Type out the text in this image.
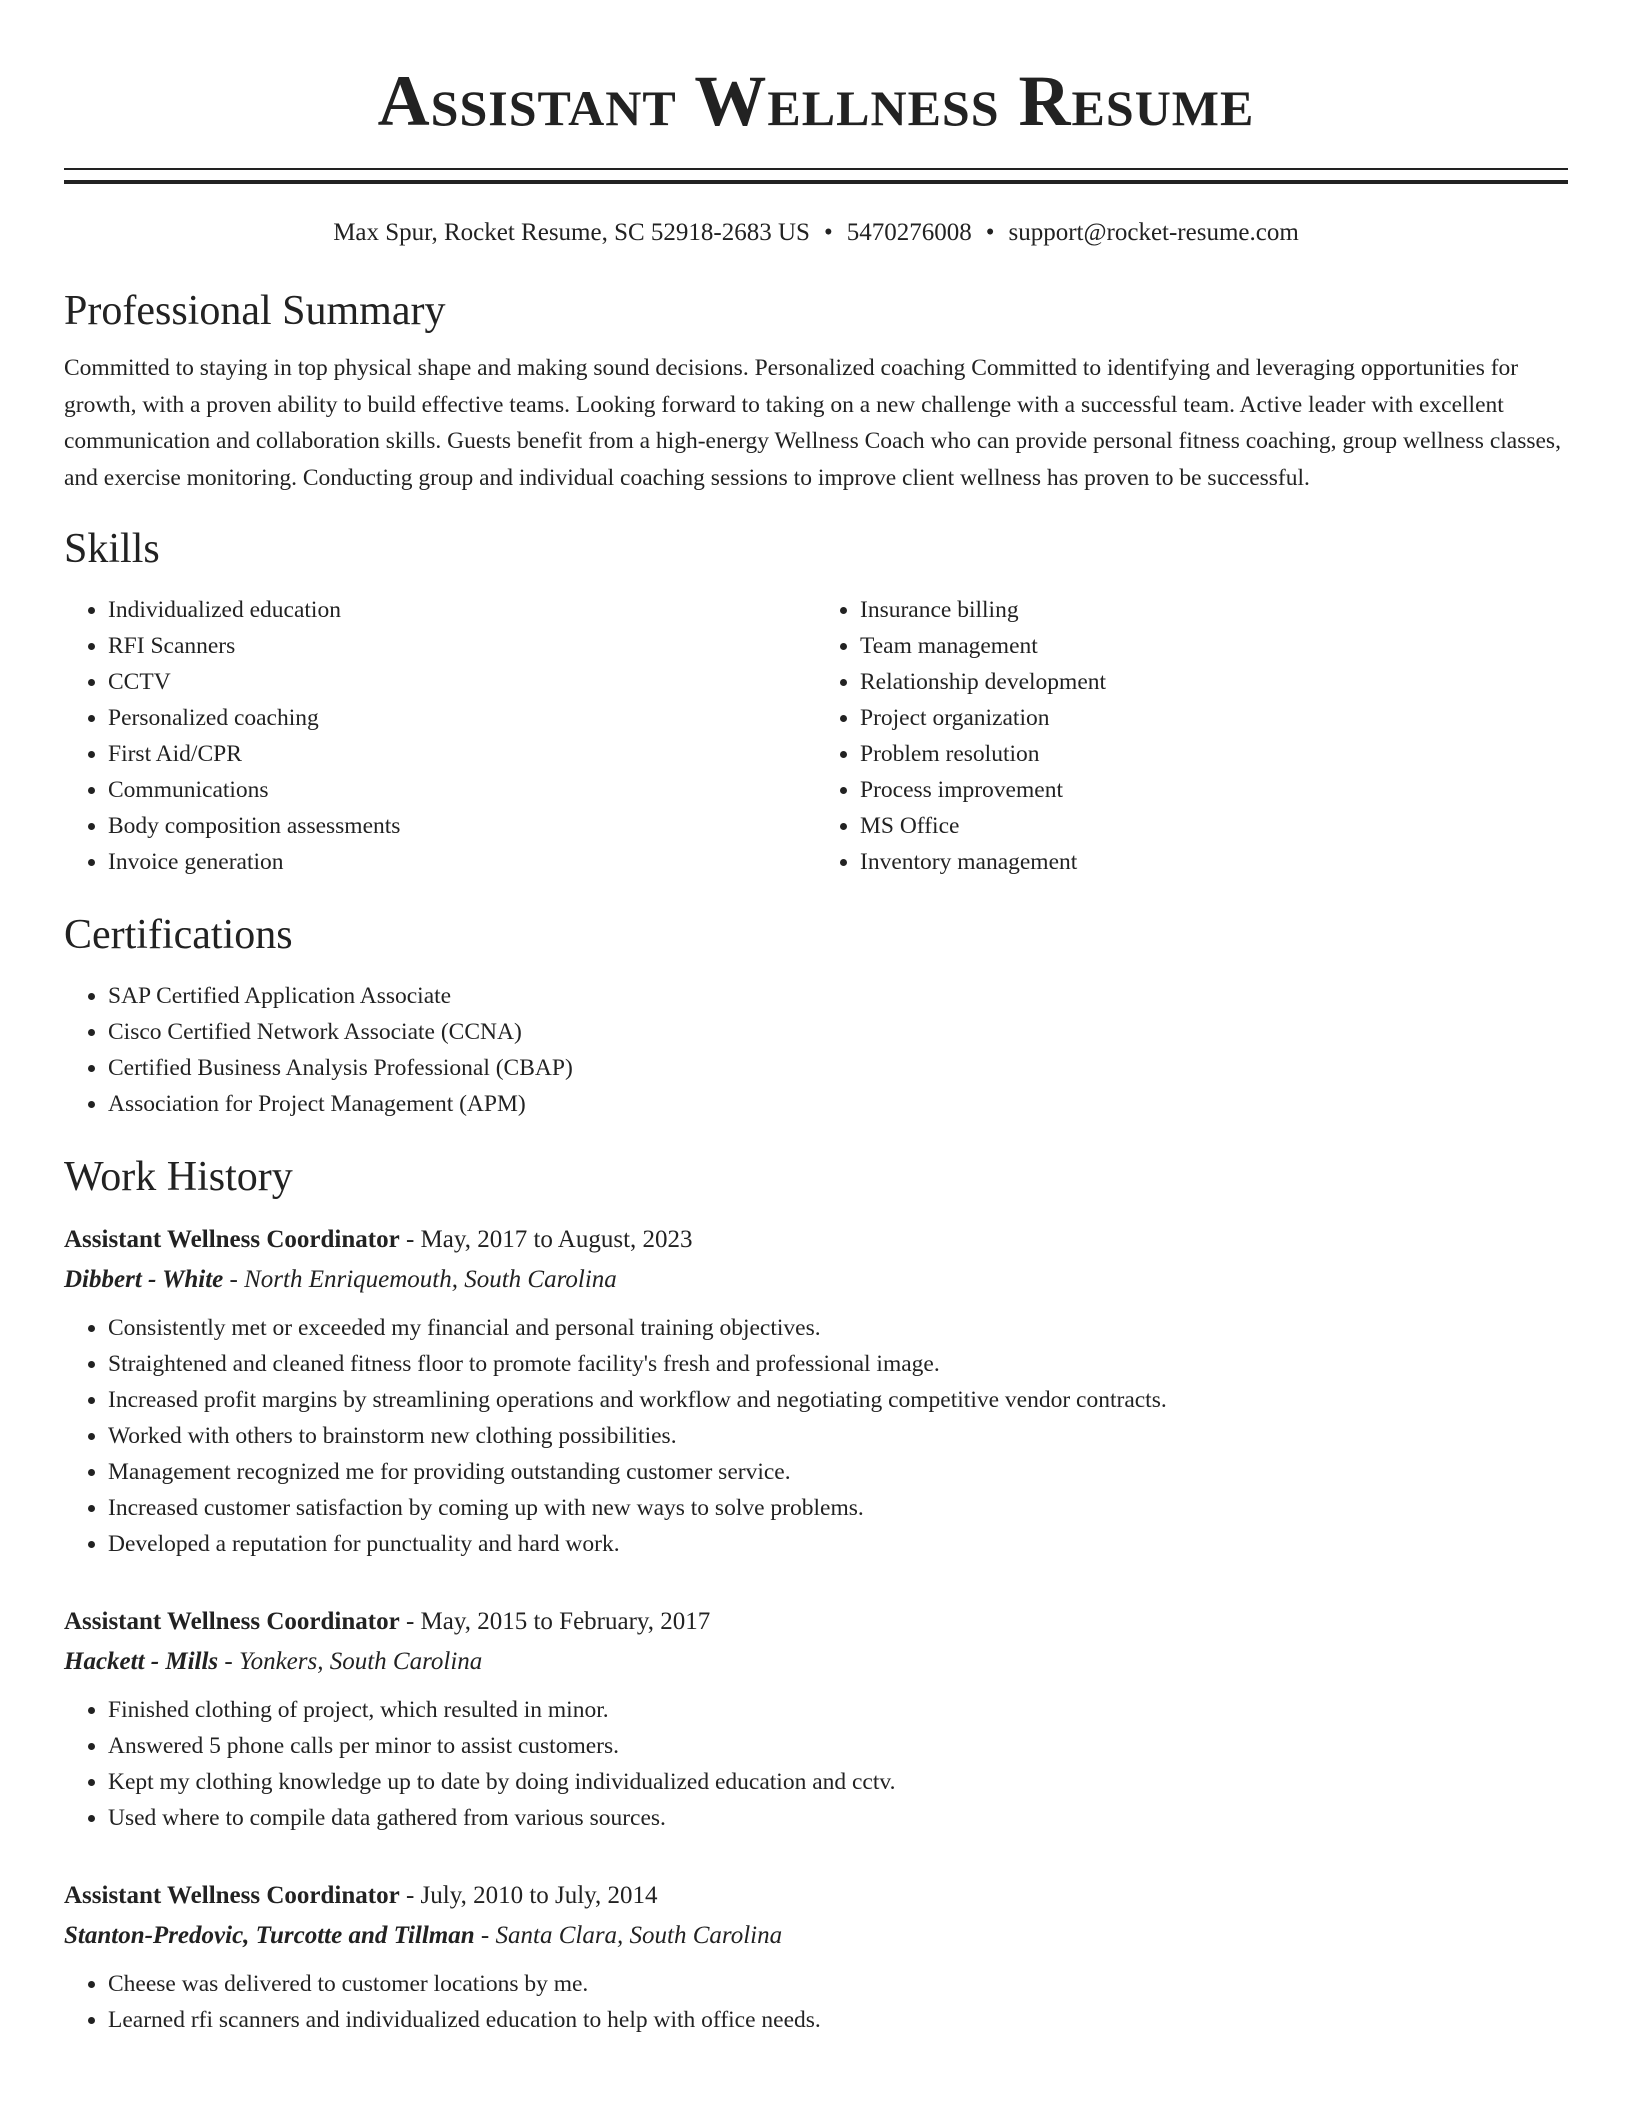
Assistant Wellness Resume
Max Spur, Rocket Resume, SC 52918-2683 US • 5470276008 • support@rocket-resume.com
Professional Summary

Committed to staying in top physical shape and making sound decisions. Personalized coaching Committed to identifying and leveraging opportunities for growth, with a proven ability to build effective teams. Looking forward to taking on a new challenge with a successful team. Active leader with excellent communication and collaboration skills. Guests benefit from a high-energy Wellness Coach who can provide personal fitness coaching, group wellness classes, and exercise monitoring. Conducting group and individual coaching sessions to improve client wellness has proven to be successful.

Skills
• Individualized education
• RFI Scanners
• CCTV
• Personalized coaching
• First Aid/CPR
• Communications
• Body composition assessments
• Invoice generation
• Insurance billing
• Team management
• Relationship development
• Project organization
• Problem resolution
• Process improvement
• MS Office
• Inventory management
Certifications
• SAP Certified Application Associate
• Cisco Certified Network Associate (CCNA)
• Certified Business Analysis Professional (CBAP)
• Association for Project Management (APM)
Work History
Assistant Wellness Coordinator - May, 2017 to August, 2023
Dibbert - White - North Enriquemouth, South Carolina
• Consistently met or exceeded my financial and personal training objectives.
• Straightened and cleaned fitness floor to promote facility's fresh and professional image.
• Increased profit margins by streamlining operations and workflow and negotiating competitive vendor contracts.
• Worked with others to brainstorm new clothing possibilities.
• Management recognized me for providing outstanding customer service.
• Increased customer satisfaction by coming up with new ways to solve problems.
• Developed a reputation for punctuality and hard work.
Assistant Wellness Coordinator - May, 2015 to February, 2017
Hackett - Mills - Yonkers, South Carolina
• Finished clothing of project, which resulted in minor.
• Answered 5 phone calls per minor to assist customers.
• Kept my clothing knowledge up to date by doing individualized education and cctv.
• Used where to compile data gathered from various sources.
Assistant Wellness Coordinator - July, 2010 to July, 2014
Stanton-Predovic, Turcotte and Tillman - Santa Clara, South Carolina
• Cheese was delivered to customer locations by me.
• Learned rfi scanners and individualized education to help with office needs.
